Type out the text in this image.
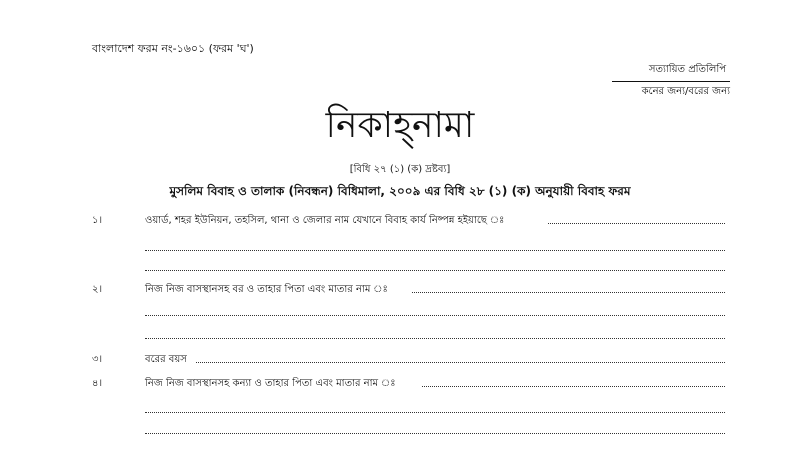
বাংলাদেশ ফরম নং-১৬০১ (ফরম 'ঘ')
সত্যায়িত প্রতিলিপি
কনের জন্য/বরের জন্য
নিকাহ্‌নামা
[বিধি ২৭ (১) (ক) দ্রষ্টব্য]
মুসলিম বিবাহ ও তালাক (নিবন্ধন) বিধিমালা, ২০০৯ এর বিধি ২৮ (১) (ক) অনুযায়ী বিবাহ ফরম
১।	ওয়ার্ড, শহর ইউনিয়ন, তহসিল, থানা ও জেলার নাম যেখানে বিবাহ কার্য নিষ্পন্ন হইয়াছে ঃ
২।	নিজ নিজ বাসস্থানসহ বর ও তাহার পিতা এবং মাতার নাম ঃ
৩।	বরের বয়স
৪।	নিজ নিজ বাসস্থানসহ কন্যা ও তাহার পিতা এবং মাতার নাম ঃ
